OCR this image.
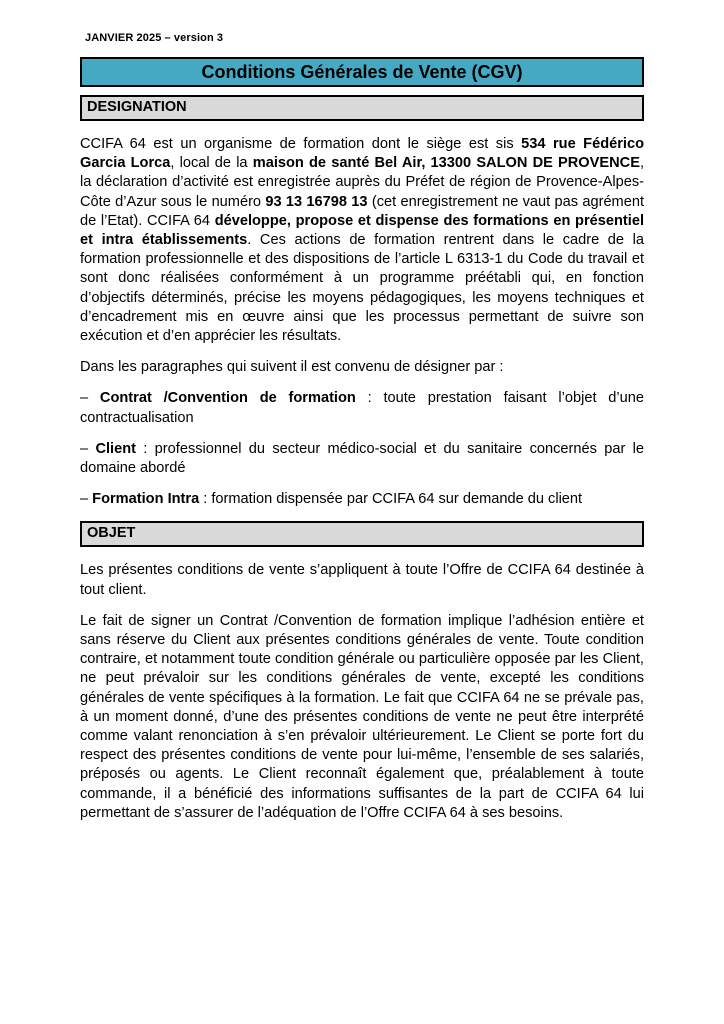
JANVIER 2025 – version 3
Conditions Générales de Vente (CGV)
DESIGNATION

CCIFA 64 est un organisme de formation dont le siège est sis 534 rue Fédérico Garcia Lorca, local de la maison de santé Bel Air, 13300 SALON DE PROVENCE, la déclaration d’activité est enregistrée auprès du Préfet de région de Provence-Alpes-Côte d’Azur sous le numéro 93 13 16798 13 (cet enregistrement ne vaut pas agrément de l’Etat). CCIFA 64 développe, propose et dispense des formations en présentiel et intra établissements. Ces actions de formation rentrent dans le cadre de la formation professionnelle et des dispositions de l’article L 6313-1 du Code du travail et sont donc réalisées conformément à un programme préétabli qui, en fonction d’objectifs déterminés, précise les moyens pédagogiques, les moyens techniques et d’encadrement mis en œuvre ainsi que les processus permettant de suivre son exécution et d’en apprécier les résultats.

Dans les paragraphes qui suivent il est convenu de désigner par :

– Contrat /Convention de formation : toute prestation faisant l’objet d’une contractualisation

– Client : professionnel du secteur médico-social et du sanitaire concernés par le domaine abordé

– Formation Intra : formation dispensée par CCIFA 64 sur demande du client

OBJET

Les présentes conditions de vente s’appliquent à toute l’Offre de CCIFA 64 destinée à tout client.

Le fait de signer un Contrat /Convention de formation implique l’adhésion entière et sans réserve du Client aux présentes conditions générales de vente. Toute condition contraire, et notamment toute condition générale ou particulière opposée par les Client, ne peut prévaloir sur les conditions générales de vente, excepté les conditions générales de vente spécifiques à la formation. Le fait que CCIFA 64 ne se prévale pas, à un moment donné, d’une des présentes conditions de vente ne peut être interprété comme valant renonciation à s’en prévaloir ultérieurement. Le Client se porte fort du respect des présentes conditions de vente pour lui-même, l’ensemble de ses salariés, préposés ou agents. Le Client reconnaît également que, préalablement à toute commande, il a bénéficié des informations suffisantes de la part de CCIFA 64 lui permettant de s’assurer de l’adéquation de l’Offre CCIFA 64 à ses besoins.
